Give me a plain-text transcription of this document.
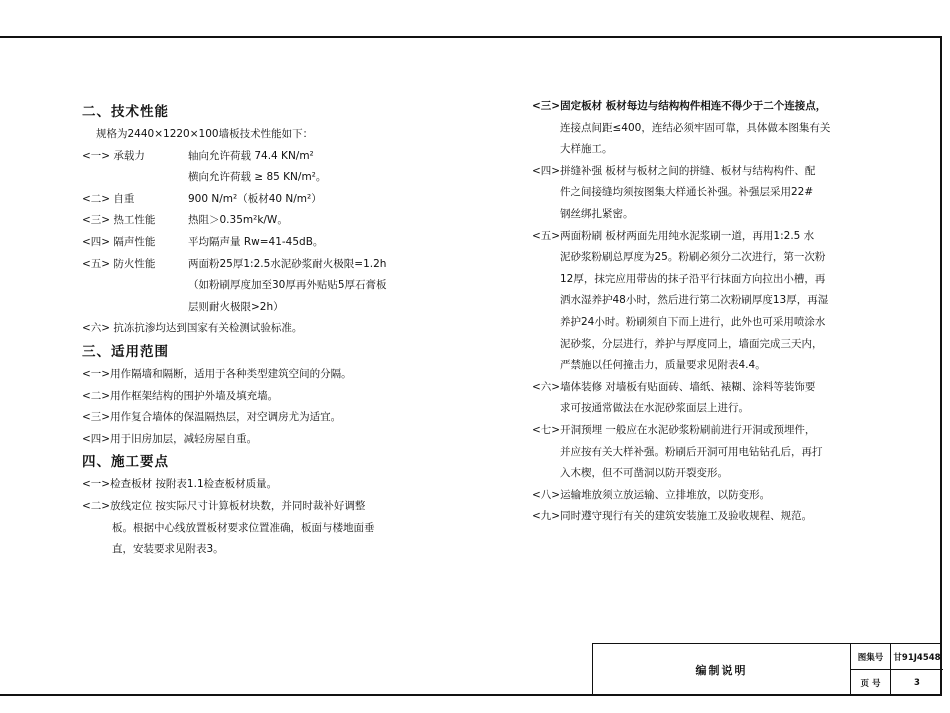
二、技术性能

规格为2440×1220×100墙板技术性能如下：

<一> 承载力	轴向允许荷载 74.4 KN/m²

横向允许荷载 ≥ 85 KN/m²。

<二> 自重	900 N/m²（板材40 N/m²）

<三> 热工性能	热阻＞0.35m²k/W。

<四> 隔声性能	平均隔声量 Rw=41-45dB。

<五> 防火性能	两面粉25厚1:2.5水泥砂浆耐火极限=1.2h

（如粉刷厚度加至30厚再外贴贴5厚石膏板

层则耐火极限>2h）

<六> 抗冻抗渗均达到国家有关检测试验标准。

三、适用范围

<一>用作隔墙和隔断，适用于各种类型建筑空间的分隔。

<二>用作框架结构的围护外墙及填充墙。

<三>用作复合墙体的保温隔热层，对空调房尤为适宜。

<四>用于旧房加层，减轻房屋自重。

四、施工要点

<一>检查板材 按附表1.1检查板材质量。

<二>放线定位 按实际尺寸计算板材块数，并同时裁补好调整

板。根据中心线放置板材要求位置准确，板面与楼地面垂

直，安装要求见附表3。

<三>固定板材 板材每边与结构构件相连不得少于二个连接点，

连接点间距≤400，连结必须牢固可靠，具体做本图集有关

大样施工。

<四>拼缝补强 板材与板材之间的拼缝、板材与结构构件、配

件之间接缝均须按图集大样通长补强。补强层采用22#

钢丝绑扎紧密。

<五>两面粉刷 板材两面先用纯水泥浆刷一道，再用1:2.5 水

泥砂浆粉刷总厚度为25。粉刷必须分二次进行，第一次粉

12厚，抹完应用带齿的抹子沿平行抹面方向拉出小槽，再

洒水湿养护48小时，然后进行第二次粉刷厚度13厚，再湿

养护24小时。粉刷须自下而上进行，此外也可采用喷涂水

泥砂浆，分层进行，养护与厚度同上，墙面完成三天内，

严禁施以任何撞击力，质量要求见附表4.4。

<六>墙体装修 对墙板有贴面砖、墙纸、裱糊、涂料等装饰要

求可按通常做法在水泥砂浆面层上进行。

<七>开洞预埋 一般应在水泥砂浆粉刷前进行开洞或预埋件，

并应按有关大样补强。粉刷后开洞可用电钻钻孔后，再打

入木楔，但不可凿洞以防开裂变形。

<八>运输堆放须立放运输、立排堆放，以防变形。

<九>同时遵守现行有关的建筑安装施工及验收规程、规范。

编制说明
图集号	甘91J4548
页 号	3
